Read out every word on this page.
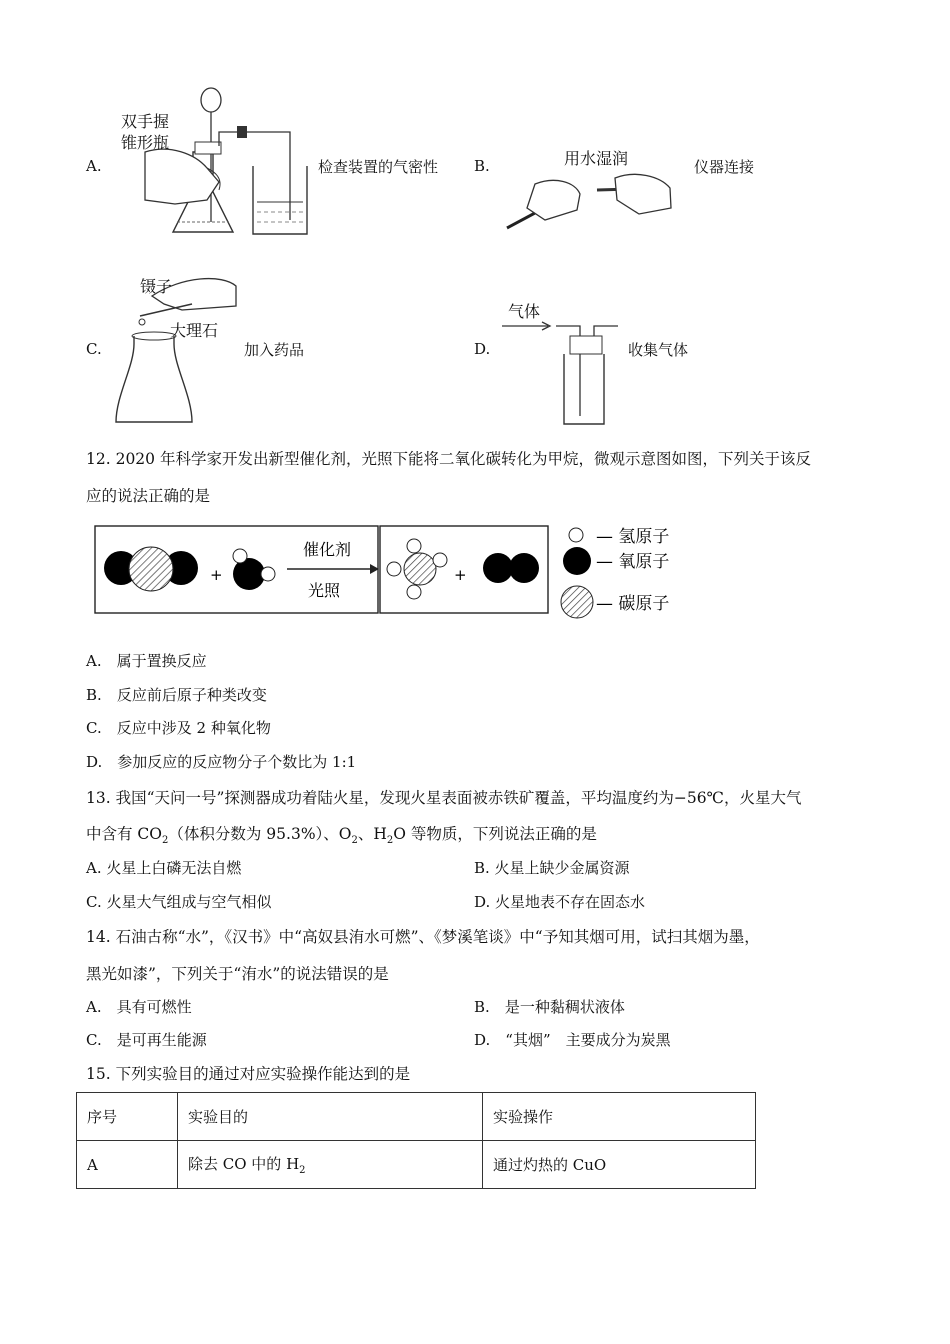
A.
双手握
锥形瓶
检查装置的气密性 B.	用水湿润	仪器连接
C.
镊子
大理石
加入药品	D.
气体
收集气体
12. 2020 年科学家开发出新型催化剂，光照下能将二氧化碳转化为甲烷，微观示意图如图，下列关于该反
应的说法正确的是
+
催化剂
光照
+
— 氢原子
— 氧原子
— 碳原子
A.　 属于置换反应
B.　 反应前后原子种类改变
C.　 反应中涉及 2 种氧化物
D.　 参加反应的反应物分子个数比为 1:1
13. 我国“天问一号”探测器成功着陆火星，发现火星表面被赤铁矿覆盖，平均温度约为−56℃，火星大气
中含有 $CO_2$（体积分数为 95.3%）、$O_2$、$H_2O$ 等物质，下列说法正确的是
A. 火星上白磷无法自燃	B. 火星上缺少金属资源
C. 火星大气组成与空气相似	D. 火星地表不存在固态水
14. 石油古称“水”，《汉书》中“高奴县洧水可燃”、《梦溪笔谈》中“予知其烟可用，试扫其烟为墨，
黑光如漆”，下列关于“洧水”的说法错误的是
A.　 具有可燃性	B.　 是一种黏稠状液体
C.　 是可再生能源	D.　 “其烟”　主要成分为炭黑
15. 下列实验目的通过对应实验操作能达到的是
序号	实验目的	实验操作
A	除去 CO 中的 $H_2$	通过灼热的 CuO
